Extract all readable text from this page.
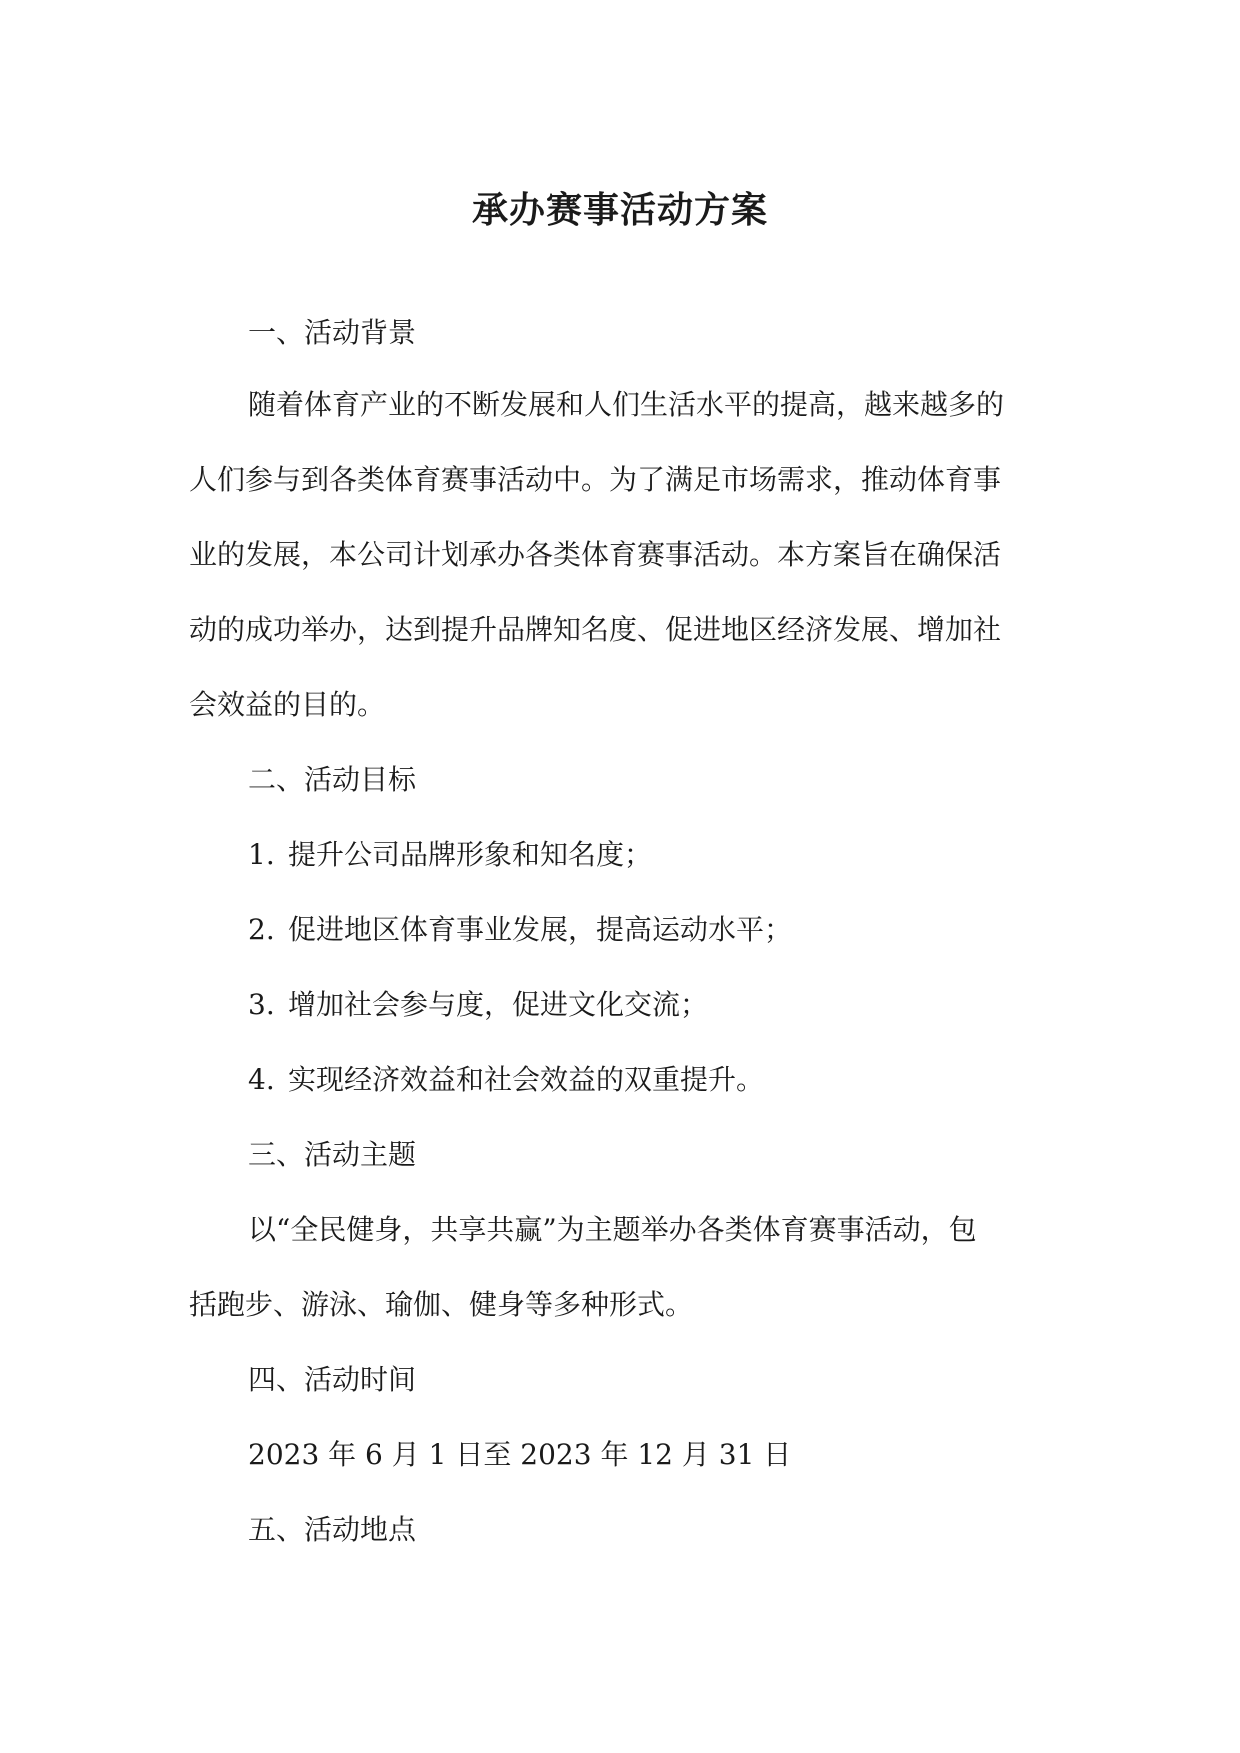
承办赛事活动方案
一、活动背景
随着体育产业的不断发展和人们生活水平的提高，越来越多的
人们参与到各类体育赛事活动中。为了满足市场需求，推动体育事
业的发展，本公司计划承办各类体育赛事活动。本方案旨在确保活
动的成功举办，达到提升品牌知名度、促进地区经济发展、增加社
会效益的目的。
二、活动目标
1. 提升公司品牌形象和知名度；
2. 促进地区体育事业发展，提高运动水平；
3. 增加社会参与度，促进文化交流；
4. 实现经济效益和社会效益的双重提升。
三、活动主题
以“全民健身，共享共赢”为主题举办各类体育赛事活动，包
括跑步、游泳、瑜伽、健身等多种形式。
四、活动时间
2023 年 6 月 1 日至 2023 年 12 月 31 日
五、活动地点
